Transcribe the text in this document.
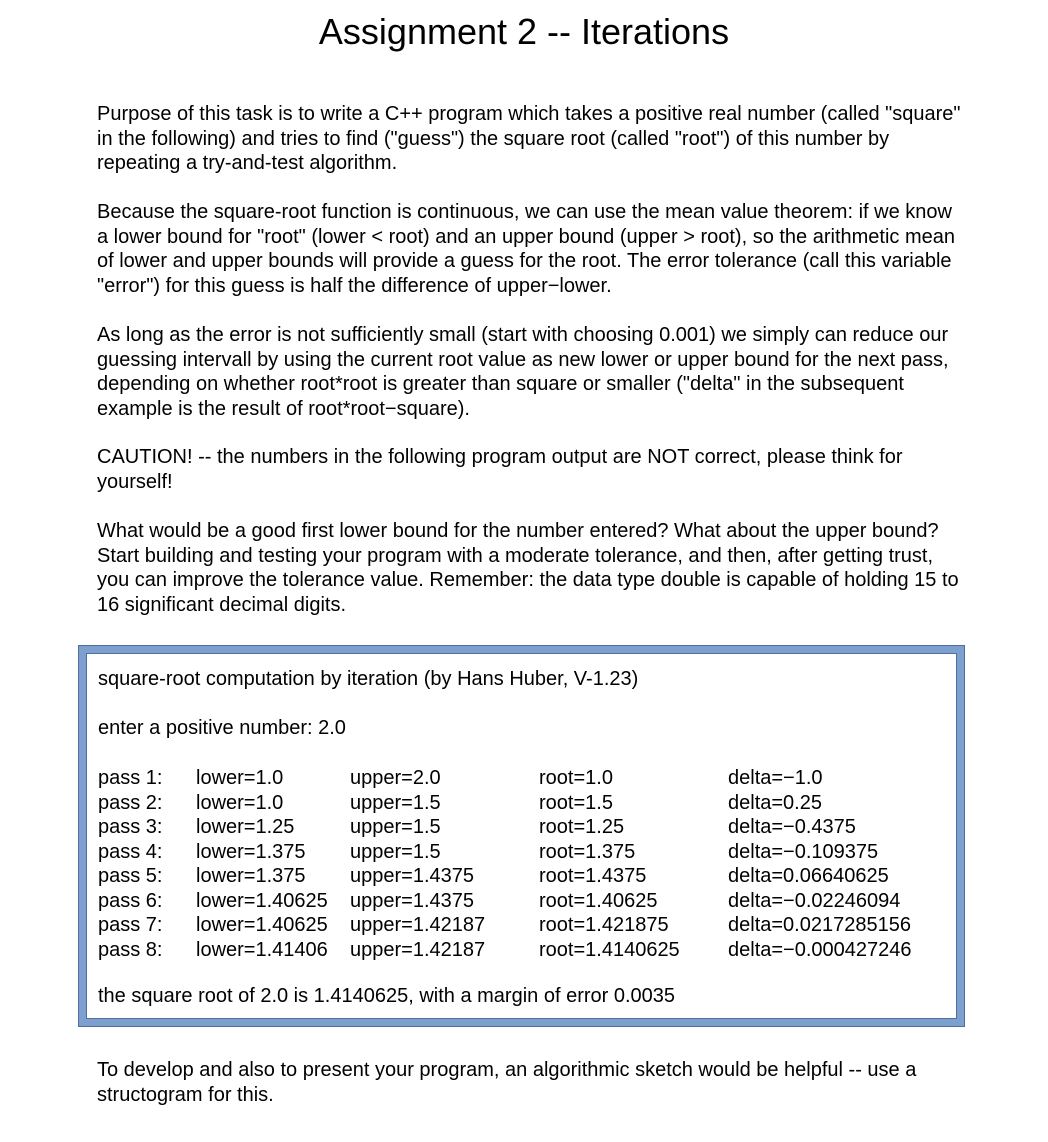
Assignment 2 -- Iterations

Purpose of this task is to write a C++ program which takes a positive real number (called "square" in the following) and tries to find ("guess") the square root (called "root") of this number by repeating a try-and-test algorithm.

Because the square-root function is continuous, we can use the mean value theorem: if we know a lower bound for "root" (lower < root) and an upper bound (upper > root), so the arithmetic mean of lower and upper bounds will provide a guess for the root. The error tolerance (call this variable "error") for this guess is half the difference of upper−lower.

As long as the error is not sufficiently small (start with choosing 0.001) we simply can reduce our guessing intervall by using the current root value as new lower or upper bound for the next pass, depending on whether root*root is greater than square or smaller ("delta" in the subsequent example is the result of root*root−square).

CAUTION! -- the numbers in the following program output are NOT correct, please think for yourself!

What would be a good first lower bound for the number entered? What about the upper bound? Start building and testing your program with a moderate tolerance, and then, after getting trust, you can improve the tolerance value. Remember: the data type double is capable of holding 15 to 16 significant decimal digits.

square-root computation by iteration (by Hans Huber, V-1.23)

enter a positive number: 2.0

pass 1:	lower=1.0	upper=2.0	root=1.0	delta=−1.0
pass 2:	lower=1.0	upper=1.5	root=1.5	delta=0.25
pass 3:	lower=1.25	upper=1.5	root=1.25	delta=−0.4375
pass 4:	lower=1.375	upper=1.5	root=1.375	delta=−0.109375
pass 5:	lower=1.375	upper=1.4375	root=1.4375	delta=0.06640625
pass 6:	lower=1.40625	upper=1.4375	root=1.40625	delta=−0.02246094
pass 7:	lower=1.40625	upper=1.42187	root=1.421875	delta=0.0217285156
pass 8:	lower=1.41406	upper=1.42187	root=1.4140625	delta=−0.000427246

the square root of 2.0 is 1.4140625, with a margin of error 0.0035

To develop and also to present your program, an algorithmic sketch would be helpful -- use a structogram for this.
